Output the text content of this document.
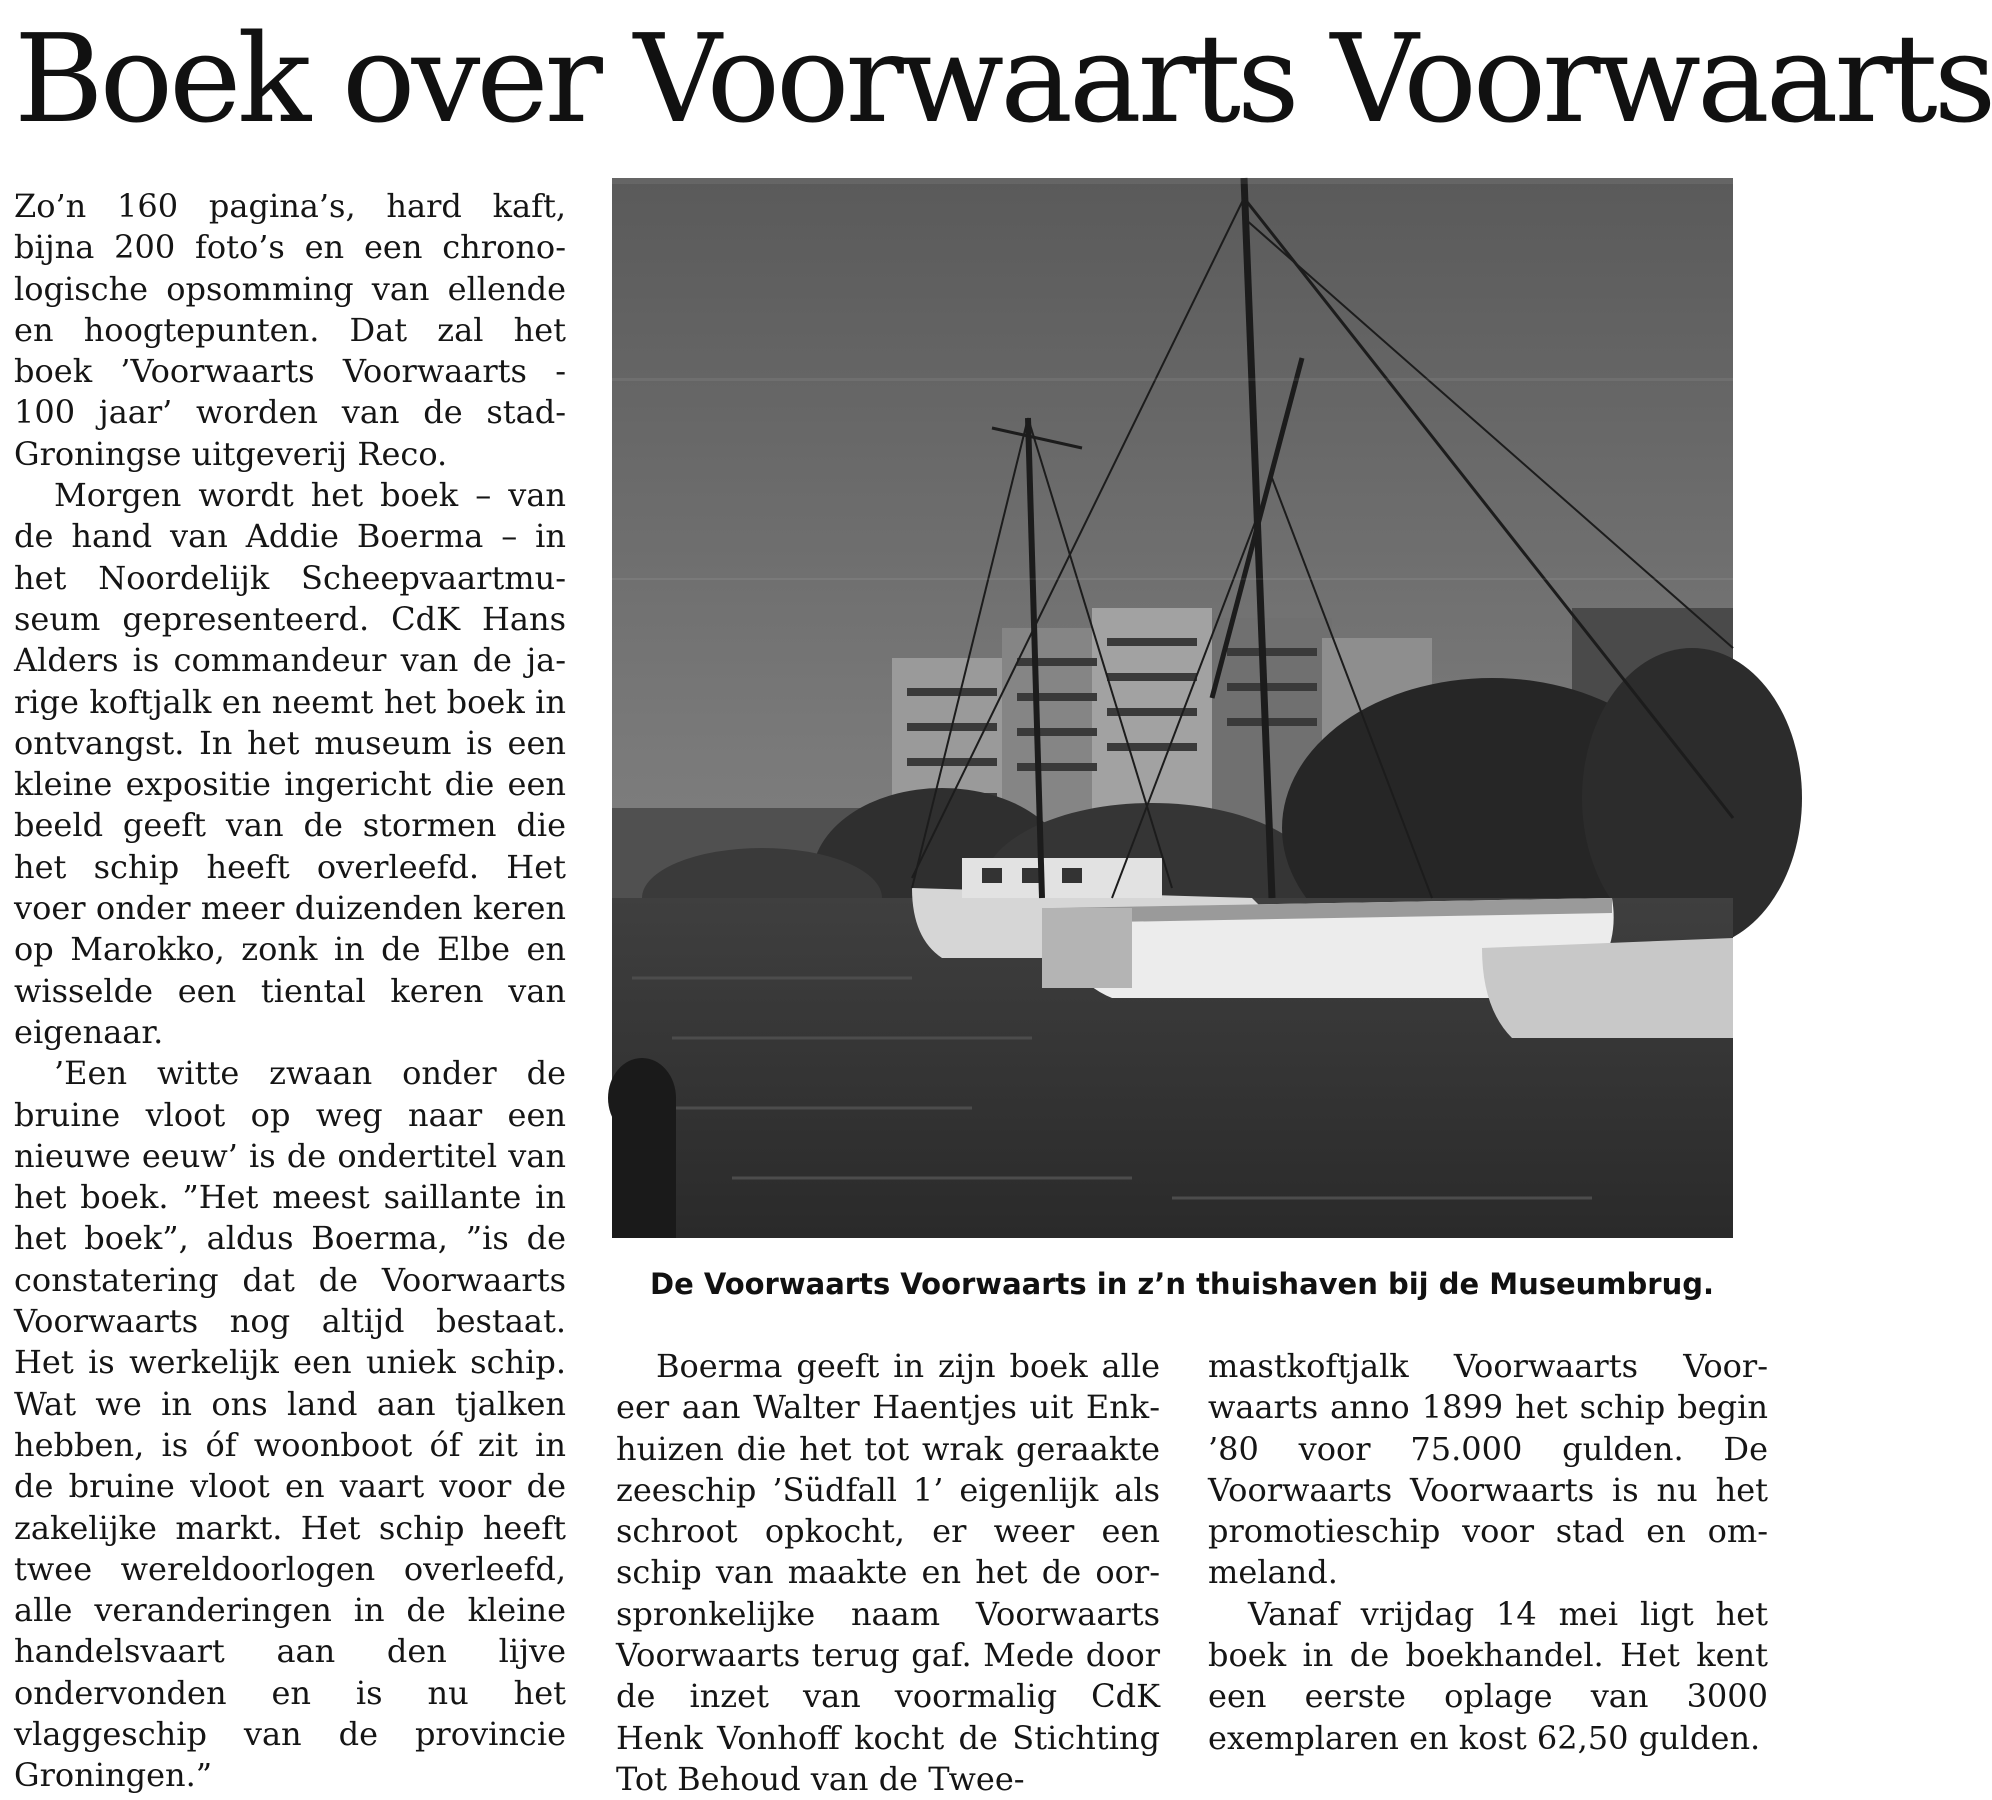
Boek over Voorwaarts Voorwaarts

Zo’n 160 pagina’s, hard kaft, bijna 200 foto’s en een chronologische opsomming van ellende en hoogtepunten. Dat zal het boek ’Voorwaarts Voorwaarts - 100 jaar’ worden van de stad-Groningse uitgeverij Reco.

Morgen wordt het boek – van de hand van Addie Boerma – in het Noordelijk Scheepvaartmuseum gepresenteerd. CdK Hans Alders is commandeur van de jarige koftjalk en neemt het boek in ontvangst. In het museum is een kleine expositie ingericht die een beeld geeft van de stormen die het schip heeft overleefd. Het voer onder meer duizenden keren op Marokko, zonk in de Elbe en wisselde een tiental keren van eigenaar.

’Een witte zwaan onder de bruine vloot op weg naar een nieuwe eeuw’ is de ondertitel van het boek. ”Het meest saillante in het boek”, aldus Boerma, ”is de constatering dat de Voorwaarts Voorwaarts nog altijd bestaat. Het is werkelijk een uniek schip. Wat we in ons land aan tjalken hebben, is óf woonboot óf zit in de bruine vloot en vaart voor de zakelijke markt. Het schip heeft twee wereldoorlogen overleefd, alle veranderingen in de kleine handelsvaart aan den lijve ondervonden en is nu het vlaggeschip van de provincie Groningen.”

De Voorwaarts Voorwaarts in z’n thuishaven bij de Museumbrug.

Boerma geeft in zijn boek alle eer aan Walter Haentjes uit Enkhuizen die het tot wrak geraakte zeeschip ’Südfall 1’ eigenlijk als schroot opkocht, er weer een schip van maakte en het de oorspronkelijke naam Voorwaarts Voorwaarts terug gaf. Mede door de inzet van voormalig CdK Henk Vonhoff kocht de Stichting Tot Behoud van de Twee-

mastkoftjalk Voorwaarts Voorwaarts anno 1899 het schip begin ’80 voor 75.000 gulden. De Voorwaarts Voorwaarts is nu het promotieschip voor stad en ommeland.

Vanaf vrijdag 14 mei ligt het boek in de boekhandel. Het kent een eerste oplage van 3000 exemplaren en kost 62,50 gulden.
